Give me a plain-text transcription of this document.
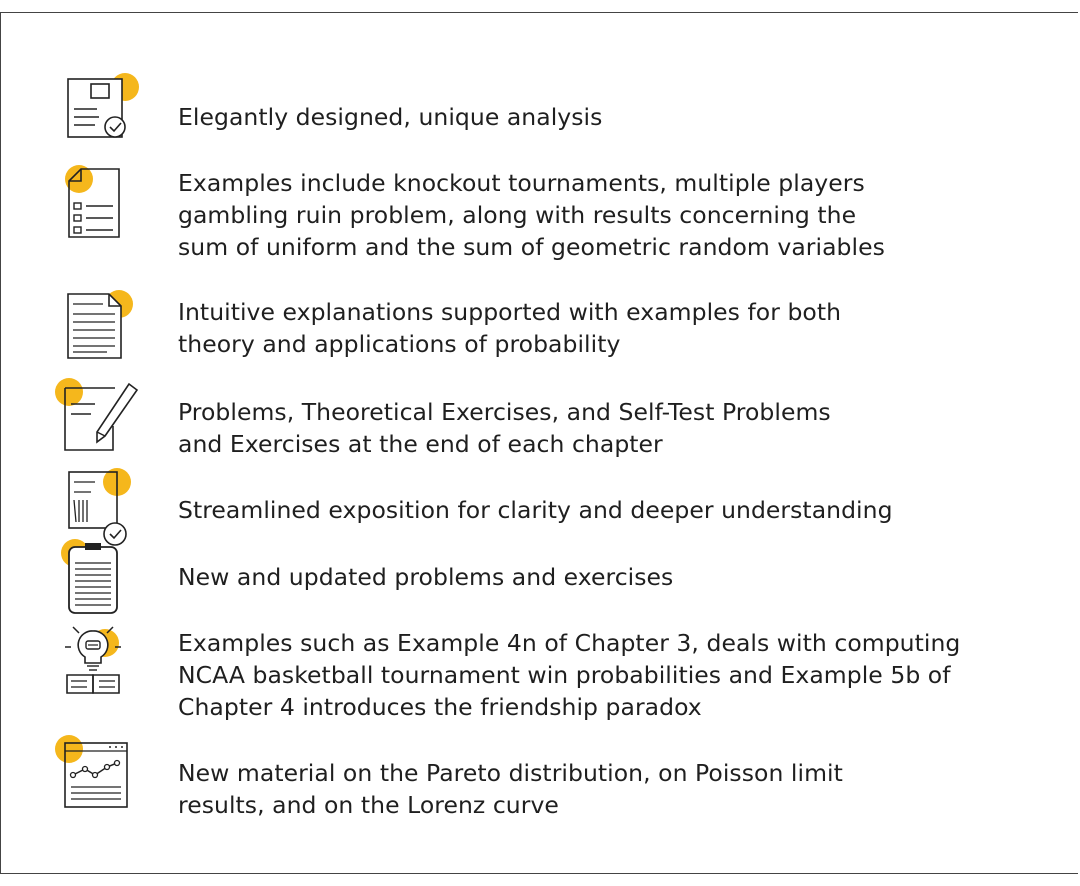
Elegantly designed, unique analysis
Examples include knockout tournaments, multiple players
gambling ruin problem, along with results concerning the
sum of uniform and the sum of geometric random variables
Intuitive explanations supported with examples for both
theory and applications of probability
Problems, Theoretical Exercises, and Self-Test Problems
and Exercises at the end of each chapter
Streamlined exposition for clarity and deeper understanding
New and updated problems and exercises
Examples such as Example 4n of Chapter 3, deals with computing
NCAA basketball tournament win probabilities and Example 5b of
Chapter 4 introduces the friendship paradox
New material on the Pareto distribution, on Poisson limit
results, and on the Lorenz curve
